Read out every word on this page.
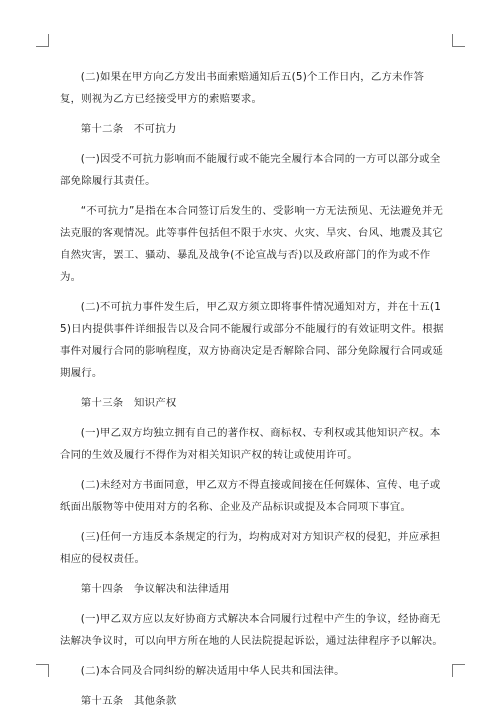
(二)如果在甲方向乙方发出书面索赔通知后五(5)个工作日内，乙方未作答复，则视为乙方已经接受甲方的索赔要求。

第十二条　不可抗力

(一)因受不可抗力影响而不能履行或不能完全履行本合同的一方可以部分或全部免除履行其责任。

“不可抗力”是指在本合同签订后发生的、受影响一方无法预见、无法避免并无法克服的客观情况。此等事件包括但不限于水灾、火灾、旱灾、台风、地震及其它自然灾害，罢工、骚动、暴乱及战争(不论宣战与否)以及政府部门的作为或不作为。

(二)不可抗力事件发生后，甲乙双方须立即将事件情况通知对方，并在十五(15)日内提供事件详细报告以及合同不能履行或部分不能履行的有效证明文件。根据事件对履行合同的影响程度，双方协商决定是否解除合同、部分免除履行合同或延期履行。

第十三条　知识产权

(一)甲乙双方均独立拥有自己的著作权、商标权、专利权或其他知识产权。本合同的生效及履行不得作为对相关知识产权的转让或使用许可。

(二)未经对方书面同意，甲乙双方不得直接或间接在任何媒体、宣传、电子或纸面出版物等中使用对方的名称、企业及产品标识或提及本合同项下事宜。

(三)任何一方违反本条规定的行为，均构成对对方知识产权的侵犯，并应承担相应的侵权责任。

第十四条　争议解决和法律适用

(一)甲乙双方应以友好协商方式解决本合同履行过程中产生的争议，经协商无法解决争议时，可以向甲方所在地的人民法院提起诉讼，通过法律程序予以解决。

(二)本合同及合同纠纷的解决适用中华人民共和国法律。

第十五条　其他条款
